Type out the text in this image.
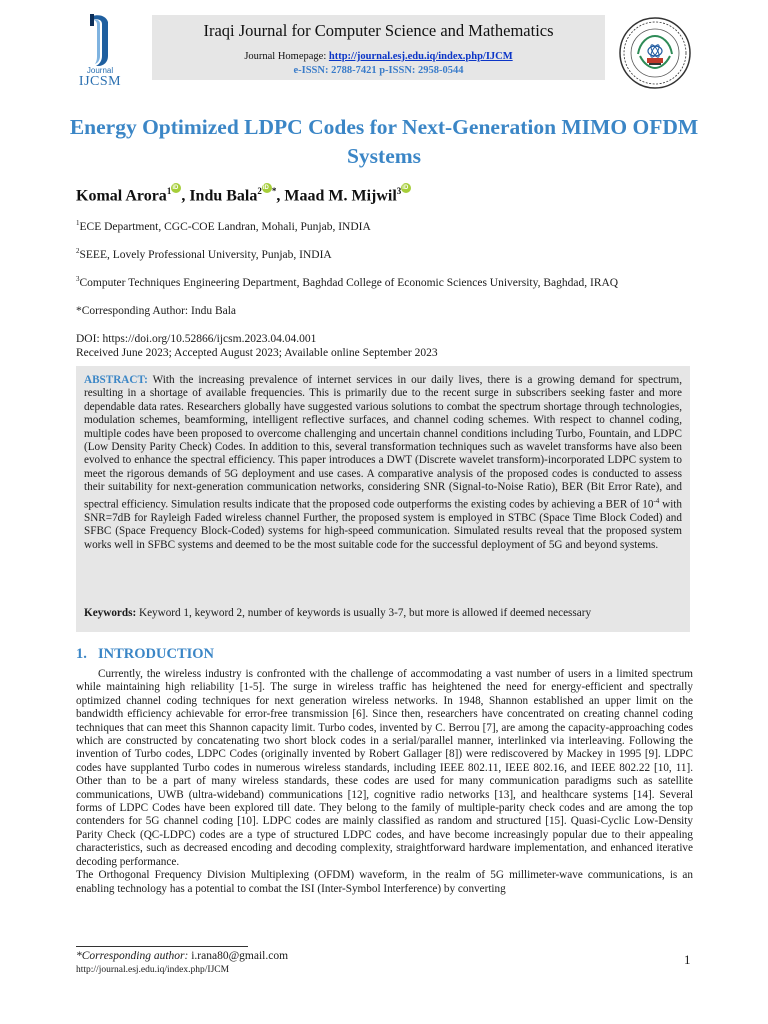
Journal
IJCSM
Iraqi Journal for Computer Science and Mathematics
Journal Homepage: http://journal.esj.edu.iq/index.php/IJCM
e-ISSN: 2788-7421 p-ISSN: 2958-0544
Energy Optimized LDPC Codes for Next-Generation MIMO OFDM Systems
Komal Arora$^1$ iD , Indu Bala$^2$ iD *, Maad M. Mijwil$^3$iD
$^1$ECE Department, CGC-COE Landran, Mohali, Punjab, INDIA
$^2$SEEE, Lovely Professional University, Punjab, INDIA
$^3$Computer Techniques Engineering Department, Baghdad College of Economic Sciences University, Baghdad, IRAQ
*Corresponding Author: Indu Bala
DOI: https://doi.org/10.52866/ijcsm.2023.04.04.001
Received June 2023; Accepted August 2023; Available online September 2023
ABSTRACT: With the increasing prevalence of internet services in our daily lives, there is a growing demand for spectrum, resulting in a shortage of available frequencies. This is primarily due to the recent surge in subscribers seeking faster and more dependable data rates. Researchers globally have suggested various solutions to combat the spectrum shortage through technologies, modulation schemes, beamforming, intelligent reflective surfaces, and channel coding schemes. With respect to channel coding, multiple codes have been proposed to overcome challenging and uncertain channel conditions including Turbo, Fountain, and LDPC (Low Density Parity Check) Codes. In addition to this, several transformation techniques such as wavelet transforms have also been evolved to enhance the spectral efficiency. This paper introduces a DWT (Discrete wavelet transform)-incorporated LDPC system to meet the rigorous demands of 5G deployment and use cases. A comparative analysis of the proposed codes is conducted to assess their suitability for next-generation communication networks, considering SNR (Signal-to-Noise Ratio), BER (Bit Error Rate), and spectral efficiency. Simulation results indicate that the proposed code outperforms the existing codes by achieving a BER of $10^{-4}$ with SNR=7dB for Rayleigh Faded wireless channel Further, the proposed system is employed in STBC (Space Time Block Coded) and SFBC (Space Frequency Block-Coded) systems for high-speed communication. Simulated results reveal that the proposed system works well in SFBC systems and deemed to be the most suitable code for the successful deployment of 5G and beyond systems.
Keywords: Keyword 1, keyword 2, number of keywords is usually 3-7, but more is allowed if deemed necessary
1. INTRODUCTION

Currently, the wireless industry is confronted with the challenge of accommodating a vast number of users in a limited spectrum while maintaining high reliability [1-5]. The surge in wireless traffic has heightened the need for energy-efficient and spectrally optimized channel coding techniques for next generation wireless networks. In 1948, Shannon established an upper limit on the bandwidth efficiency achievable for error-free transmission [6]. Since then, researchers have concentrated on creating channel coding techniques that can meet this Shannon capacity limit. Turbo codes, invented by C. Berrou [7], are among the capacity-approaching codes which are constructed by concatenating two short block codes in a serial/parallel manner, interlinked via interleaving. Following the invention of Turbo codes, LDPC Codes (originally invented by Robert Gallager [8]) were rediscovered by Mackey in 1995 [9]. LDPC codes have supplanted Turbo codes in numerous wireless standards, including IEEE 802.11, IEEE 802.16, and IEEE 802.22 [10, 11]. Other than to be a part of many wireless standards, these codes are used for many communication paradigms such as satellite communications, UWB (ultra-wideband) communications [12], cognitive radio networks [13], and healthcare systems [14]. Several forms of LDPC Codes have been explored till date. They belong to the family of multiple-parity check codes and are among the top contenders for 5G channel coding [10]. LDPC codes are mainly classified as random and structured [15]. Quasi-Cyclic Low-Density Parity Check (QC-LDPC) codes are a type of structured LDPC codes, and have become increasingly popular due to their appealing characteristics, such as decreased encoding and decoding complexity, straightforward hardware implementation, and enhanced iterative decoding performance.

The Orthogonal Frequency Division Multiplexing (OFDM) waveform, in the realm of 5G millimeter-wave communications, is an enabling technology has a potential to combat the ISI (Inter-Symbol Interference) by converting

*Corresponding author: i.rana80@gmail.com
http://journal.esj.edu.iq/index.php/IJCM
1
